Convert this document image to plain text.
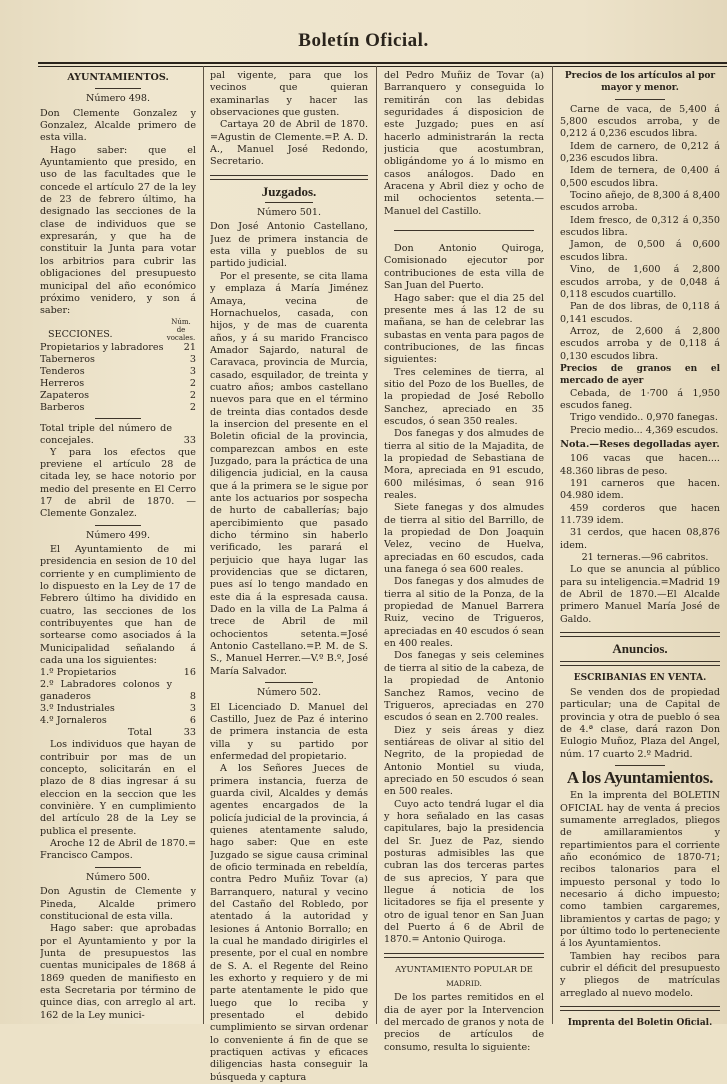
Boletín Oficial.
AYUNTAMIENTOS.
Número 498.

Don Clemente Gonzalez y Gonzalez, Alcalde primero de esta villa.

Hago saber: que el Ayuntamiento que presido, en uso de las facultades que le concede el artículo 27 de la ley de 23 de febrero último, ha designado las secciones de la clase de individuos que se expresarán, y que ha de constituir la Junta para votar los arbitrios para cubrir las obligaciones del presupuesto municipal del año económico próximo venidero, y son á saber:

SECCIONES.
Núm. de vocales.
Propietarios y labradores	21
Taberneros	3
Tenderos	3
Herreros	2
Zapateros	2
Barberos	2
Total triple del número de concejales.	33

Y para los efectos que previene el artículo 28 de citada ley, se hace notorio por medio del presente en El Cerro 17 de abril de 1870. —Clemente Gonzalez.

Número 499.

El Ayuntamiento de mi presidencia en sesion de 10 del corriente y en cumplimiento de lo dispuesto en la Ley de 17 de Febrero último ha dividido en cuatro, las secciones de los contribuyentes que han de sortearse como asociados á la Municipalidad señalando á cada una los siguientes:

1.º Propietarios	16
2.º Labradores colonos y ganaderos	8
3.º Industriales	3
4.º Jornaleros	6
Total	33

Los individuos que hayan de contribuir por mas de un concepto, solicitarán en el plazo de 8 dias ingresar á su eleccion en la seccion que les convinière. Y en cumplimiento del artículo 28 de la Ley se publica el presente.

Aroche 12 de Abril de 1870.= Francisco Campos.

Número 500.

Don Agustin de Clemente y Pineda, Alcalde primero constitucional de esta villa.

Hago saber: que aprobadas por el Ayuntamiento y por la Junta de presupuestos las cuentas municipales de 1868 á 1869 queden de manifiesto en esta Secretaria por término de quince dias, con arreglo al art. 162 de la Ley munici-

pal vigente, para que los vecinos que quieran examinarlas y hacer las observaciones que gusten.

Cartaya 20 de Abril de 1870. =Agustin de Clemente.=P. A. D. A., Manuel José Redondo, Secretario.

Juzgados.
Número 501.

Don José Antonio Castellano, Juez de primera instancia de esta villa y pueblos de su partido judicial.

Por el presente, se cita llama y emplaza á María Jiménez Amaya, vecina de Hornachuelos, casada, con hijos, y de mas de cuarenta años, y á su marido Francisco Amador Sajardo, natural de Caravaca, provincia de Murcia, casado, esquilador, de treinta y cuatro años; ambos castellano nuevos para que en el término de treinta dias contados desde la insercion del presente en el Boletin oficial de la provincia, comparezcan ambos en este Juzgado, para la práctica de una diligencia judicial, en la causa que á la primera se le sigue por ante los actuarios por sospecha de hurto de caballerías; bajo apercibimiento que pasado dicho término sin haberlo verificado, les parará el perjuicio que haya lugar las providencias que se dictaren, pues así lo tengo mandado en este dia á la espresada causa. Dado en la villa de La Palma á trece de Abril de mil ochocientos setenta.=José Antonio Castellano.=P. M. de S. S., Manuel Herrer.—V.º B.º, José María Salvador.

Número 502.

El Licenciado D. Manuel del Castillo, Juez de Paz é interino de primera instancia de esta villa y su partido por enfermedad del propietario.

A los Señores Jueces de primera instancia, fuerza de guarda civil, Alcaldes y demás agentes encargados de la policía judicial de la provincia, á quienes atentamente saludo, hago saber: Que en este Juzgado se sigue causa criminal de oficio terminada en rebeldía, contra Pedro Muñiz Tovar (a) Barranquero, natural y vecino del Castaño del Robledo, por atentado á la autoridad y lesiones á Antonio Borrallo; en la cual he mandado dirigirles el presente, por el cual en nombre de S. A. el Regente del Reino les exhorto y requiero y de mi parte atentamente le pido que luego que lo reciba y presentado el debido cumplimiento se sirvan ordenar lo conveniente á fin de que se practiquen activas y eficaces diligencias hasta conseguir la búsqueda y captura

del Pedro Muñiz de Tovar (a) Barranquero y conseguida lo remitirán con las debidas seguridades á disposicion de este Juzgado; pues en así hacerlo administrarán la recta justicia que acostumbran, obligándome yo á lo mismo en casos análogos. Dado en Aracena y Abril diez y ocho de mil ochocientos setenta.—Manuel del Castillo.

Don Antonio Quiroga, Comisionado ejecutor por contribuciones de esta villa de San Juan del Puerto.

Hago saber: que el dia 25 del presente mes á las 12 de su mañana, se han de celebrar las subastas en venta para pagos de contribuciones, de las fincas siguientes:

Tres celemines de tierra, al sitio del Pozo de los Buelles, de la propiedad de José Rebollo Sanchez, apreciado en 35 escudos, ó sean 350 reales.

Dos fanegas y dos almudes de tierra al sitio de la Majadita, de la propiedad de Sebastiana de Mora, apreciada en 91 escudo, 600 milésimas, ó sean 916 reales.

Siete fanegas y dos almudes de tierra al sitio del Barrillo, de la propiedad de Don Joaquin Velez, vecino de Huelva, apreciadas en 60 escudos, cada una fanega ó sea 600 reales.

Dos fanegas y dos almudes de tierra al sitio de la Ponza, de la propiedad de Manuel Barrera Ruiz, vecino de Trigueros, apreciadas en 40 escudos ó sean en 400 reales.

Dos fanegas y seis celemines de tierra al sitio de la cabeza, de la propiedad de Antonio Sanchez Ramos, vecino de Trigueros, apreciadas en 270 escudos ó sean en 2.700 reales.

Diez y seis áreas y diez sentiáreas de olivar al sitio del Negrito, de la propiedad de Antonio Montiel su viuda, apreciado en 50 escudos ó sean en 500 reales.

Cuyo acto tendrá lugar el dia y hora señalado en las casas capitulares, bajo la presidencia del Sr. Juez de Paz, siendo posturas admisibles las que cubran las dos terceras partes de sus aprecios, Y para que llegue á noticia de los licitadores se fija el presente y otro de igual tenor en San Juan del Puerto á 6 de Abril de 1870.= Antonio Quiroga.

AYUNTAMIENTO POPULAR DE
MADRID.

De los partes remitidos en el dia de ayer por la Intervencion del mercado de granos y nota de precios de artículos de consumo, resulta lo siguiente:

Precios de los artículos al por mayor y menor.

Carne de vaca, de 5,400 á 5,800 escudos arroba, y de 0,212 á 0,236 escudos libra.

Idem de carnero, de 0,212 á 0,236 escudos libra.

Idem de ternera, de 0,400 á 0,500 escudos libra.

Tocino añejo, de 8,300 á 8,400 escudos arroba.

Idem fresco, de 0,312 á 0,350 escudos libra.

Jamon, de 0,500 á 0,600 escudos libra.

Vino, de 1,600 á 2,800 escudos arroba, y de 0,048 á 0,118 escudos cuartillo.

Pan de dos libras, de 0,118 á 0,141 escudos.

Arroz, de 2,600 á 2,800 escudos arroba y de 0,118 á 0,130 escudos libra.

Precios de granos en el mercado de ayer

Cebada, de 1·700 á 1,950 escudos faneg.

Trigo vendido.. 0,970 fanegas.

Precio medio... 4,369 escudos.

Nota.—Reses degolladas ayer.

106 vacas que hacen.... 48.360 libras de peso.

191 carneros que hacen. 04.980 idem.

459 corderos que hacen 11.739 idem.

31 cerdos, que hacen 08,876 idem.

21 terneras.—96 cabritos.

Lo que se anuncia al público para su inteligencia.=Madrid 19 de Abril de 1870.—El Alcalde primero Manuel María José de Galdo.

Anuncios.
ESCRIBANIAS EN VENTA.

Se venden dos de propiedad particular; una de Capital de provincia y otra de pueblo ó sea de 4.ª clase, dará razon Don Eulogio Muñoz, Plaza del Angel, núm. 17 cuarto 2.º Madrid.

A los Ayuntamientos.

En la imprenta del BOLETIN OFICIAL hay de venta á precios sumamente arreglados, pliegos de amillaramientos y repartimientos para el corriente año económico de 1870-71; recibos talonarios para el impuesto personal y todo lo necesario á dicho impuesto; como tambien cargaremes, libramientos y cartas de pago; y por último todo lo perteneciente á los Ayuntamientos.

Tambien hay recibos para cubrir el déficit del presupuesto y pliegos de matrículas arreglado al nuevo modelo.

Imprenta del Boletin Oficial.
